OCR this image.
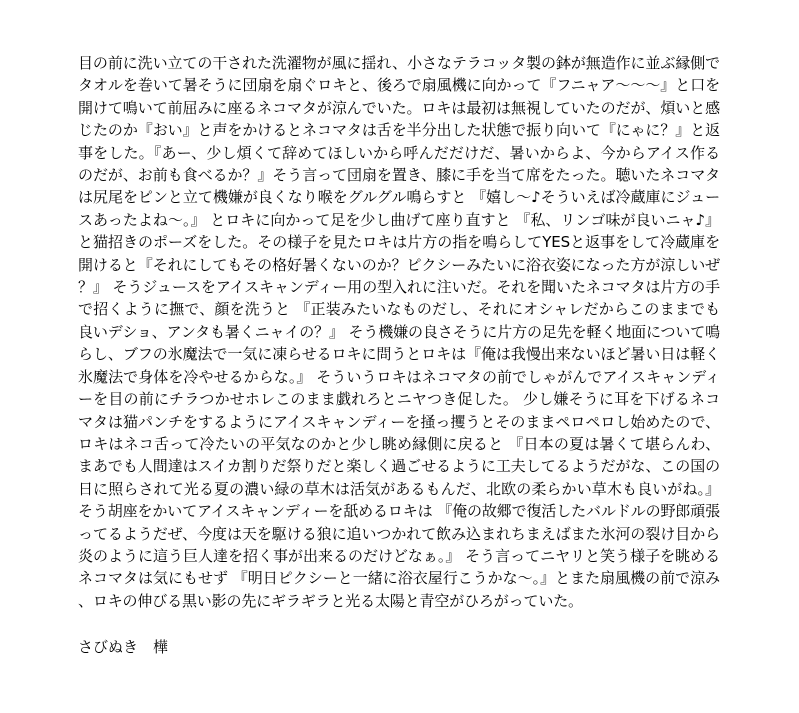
目の前に洗い立ての干された洗濯物が風に揺れ、小さなテラコッタ製の鉢が無造作に並ぶ縁側でタオルを巻いて暑そうに団扇を扇ぐロキと、後ろで扇風機に向かって『フニャア～～～』と口を開けて鳴いて前屈みに座るネコマタが涼んでいた。ロキは最初は無視していたのだが、煩いと感じたのか『おい』と声をかけるとネコマタは舌を半分出した状態で振り向いて『にゃに？』と返事をした。『あー、少し煩くて辞めてほしいから呼んだだけだ、暑いからよ、今からアイス作るのだが、お前も食べるか？』そう言って団扇を置き、膝に手を当て席をたった。聴いたネコマタは尻尾をピンと立て機嫌が良くなり喉をグルグル鳴らすと 『嬉し～♪そういえば冷蔵庫にジュースあったよね～。』 とロキに向かって足を少し曲げて座り直すと 『私、リンゴ味が良いニャ♪』 と猫招きのポーズをした。その様子を見たロキは片方の指を鳴らしてYESと返事をして冷蔵庫を開けると『それにしてもその格好暑くないのか？ピクシーみたいに浴衣姿になった方が涼しいぜ？』 そうジュースをアイスキャンディー用の型入れに注いだ。それを聞いたネコマタは片方の手で招くように撫で、顔を洗うと 『正装みたいなものだし、それにオシャレだからこのままでも良いデショ、アンタも暑くニャイの？』 そう機嫌の良さそうに片方の足先を軽く地面について鳴らし、ブフの氷魔法で一気に凍らせるロキに問うとロキは『俺は我慢出来ないほど暑い日は軽く氷魔法で身体を冷やせるからな。』 そういうロキはネコマタの前でしゃがんでアイスキャンディーを目の前にチラつかせホレこのまま戯れろとニヤつき促した。 少し嫌そうに耳を下げるネコマタは猫パンチをするようにアイスキャンディーを掻っ攫うとそのままペロペロし始めたので、ロキはネコ舌って冷たいの平気なのかと少し眺め縁側に戻ると 『日本の夏は暑くて堪らんわ、まあでも人間達はスイカ割りだ祭りだと楽しく過ごせるように工夫してるようだがな、この国の日に照らされて光る夏の濃い緑の草木は活気があるもんだ、北欧の柔らかい草木も良いがね。』 そう胡座をかいてアイスキャンディーを舐めるロキは 『俺の故郷で復活したバルドルの野郎頑張ってるようだぜ、今度は天を駆ける狼に追いつかれて飲み込まれちまえばまた氷河の裂け目から炎のように這う巨人達を招く事が出来るのだけどなぁ。』 そう言ってニヤリと笑う様子を眺めるネコマタは気にもせず 『明日ピクシーと一緒に浴衣屋行こうかな～。』とまた扇風機の前で涼み、ロキの伸びる黒い影の先にギラギラと光る太陽と青空がひろがっていた。

さびぬき　樺
